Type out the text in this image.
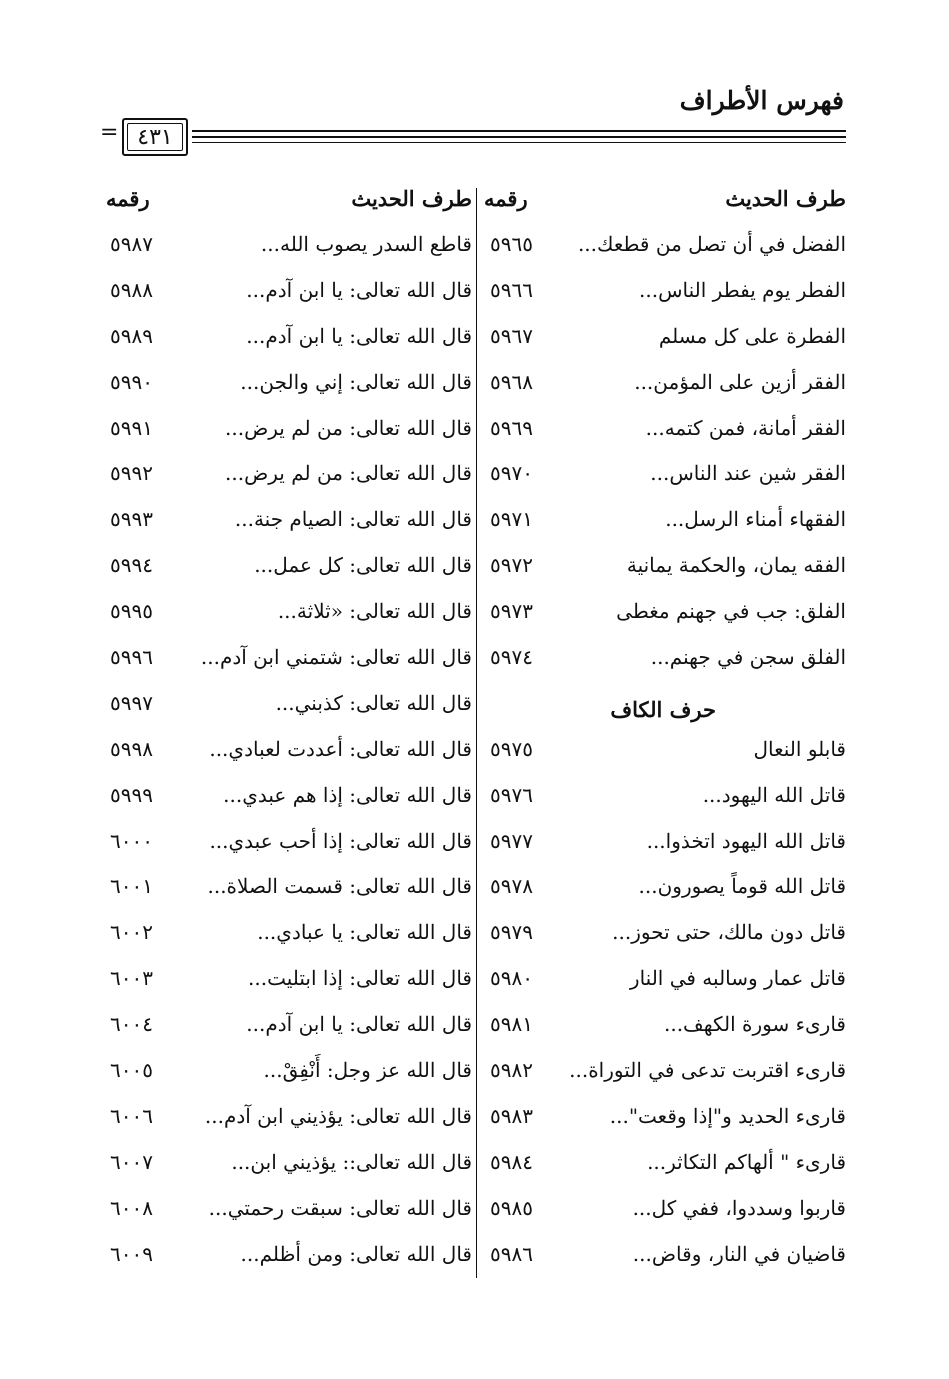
فهرس الأطراف
= ٤٣١
طرف الحديث
رقمه
الفضل في أن تصل من قطعك...
٥٩٦٥
الفطر يوم يفطر الناس...
٥٩٦٦
الفطرة على كل مسلم
٥٩٦٧
الفقر أزين على المؤمن...
٥٩٦٨
الفقر أمانة، فمن كتمه...
٥٩٦٩
الفقر شين عند الناس...
٥٩٧٠
الفقهاء أمناء الرسل...
٥٩٧١
الفقه يمان، والحكمة يمانية
٥٩٧٢
الفلق: جب في جهنم مغطى
٥٩٧٣
الفلق سجن في جهنم...
٥٩٧٤
حرف الكاف
قابلو النعال
٥٩٧٥
قاتل الله اليهود...
٥٩٧٦
قاتل الله اليهود اتخذوا...
٥٩٧٧
قاتل الله قوماً يصورون...
٥٩٧٨
قاتل دون مالك، حتى تحوز...
٥٩٧٩
قاتل عمار وسالبه في النار
٥٩٨٠
قارىء سورة الكهف...
٥٩٨١
قارىء اقتربت تدعى في التوراة...
٥٩٨٢
قارىء الحديد و"إذا وقعت"...
٥٩٨٣
قارىء " ألهاكم التكاثر...
٥٩٨٤
قاربوا وسددوا، ففي كل...
٥٩٨٥
قاضيان في النار، وقاض...
٥٩٨٦
طرف الحديث
رقمه
قاطع السدر يصوب الله...
٥٩٨٧
قال الله تعالى: يا ابن آدم...
٥٩٨٨
قال الله تعالى: يا ابن آدم...
٥٩٨٩
قال الله تعالى: إني والجن...
٥٩٩٠
قال الله تعالى: من لم يرض...
٥٩٩١
قال الله تعالى: من لم يرض...
٥٩٩٢
قال الله تعالى: الصيام جنة...
٥٩٩٣
قال الله تعالى: كل عمل...
٥٩٩٤
قال الله تعالى: «ثلاثة...
٥٩٩٥
قال الله تعالى: شتمني ابن آدم...
٥٩٩٦
قال الله تعالى: كذبني...
٥٩٩٧
قال الله تعالى: أعددت لعبادي...
٥٩٩٨
قال الله تعالى: إذا هم عبدي...
٥٩٩٩
قال الله تعالى: إذا أحب عبدي...
٦٠٠٠
قال الله تعالى: قسمت الصلاة...
٦٠٠١
قال الله تعالى: يا عبادي...
٦٠٠٢
قال الله تعالى: إذا ابتليت...
٦٠٠٣
قال الله تعالى: يا ابن آدم...
٦٠٠٤
قال الله عز وجل: أَنْفِقْ...
٦٠٠٥
قال الله تعالى: يؤذيني ابن آدم...
٦٠٠٦
قال الله تعالى:: يؤذيني ابن...
٦٠٠٧
قال الله تعالى: سبقت رحمتي...
٦٠٠٨
قال الله تعالى: ومن أظلم...
٦٠٠٩
